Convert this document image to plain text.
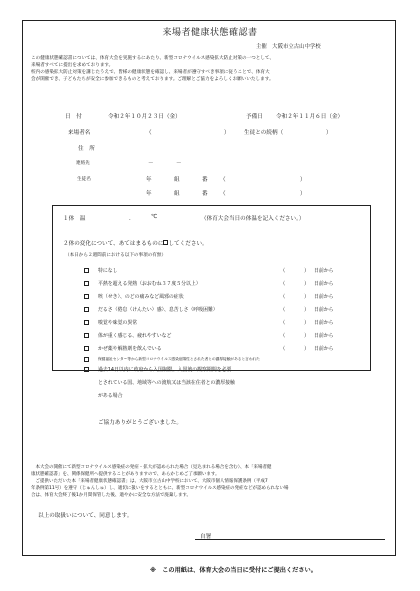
来場者健康状態確認書
主催　大阪市立古山中学校

この健康状態確認書については、体育大会を実施するにあたり、新型コロナウイルス感染拡大防止対策の一つとして、

来場者すべてに提出を求めております。

校内の感染拡大防止対策を講じたうえで、皆様の健康状態を確認し、来場者が遵守すべき事項に従うことで、体育大

会が開催でき、子どもたちが安全に参加できるものと考えております。ご理解とご協力をよろしくお願いいたします。

日　付	令和２年１０月２３日（金）	予備日 令和２年１１月６日（金）
来場者名	（	）	生徒との続柄（	）
住　所
連絡先	－　　　　－
生徒名	年	組	番 （	）
年	組	番 （	）
１体　温	．	℃	（体育大会当日の体温を記入ください。）
２体の変化について、あてはまるものに してください。
（本日から２週間前における以下の事項の有無）
特になし	（	） 日前から
平熱を超える発熱（おおむね３７度５分以上）	（	） 日前から
咳（せき）、のどの痛みなど風邪の症状	（	） 日前から
だるさ（倦怠（けんたい）感）、息苦しさ（呼吸困難）	（	） 日前から
嗅覚や味覚の異常	（	） 日前から
体が重く感じる、疲れやすいなど	（	） 日前から
かぜ薬や解熱剤を飲んでいる	（	） 日前から
保健福祉センター等から新型コロナウイルス感染症陽性とされた者との濃厚接触があると言われた
過去14日以内に政府から入国制限、入国後の観察期間を必要
とされている国、地域等への渡航又は当該在住者との濃厚接触
がある場合
ご協力ありがとうございました。

　本大会の開催にて新型コロナウイルス感染症の発症・拡大が認められた場合（見込まれる場合を含む）、本「来場者健

康状態確認書」を、関係保健所へ提供することがありますので、あらかじめご了承願います。

　ご提供いただいた本「来場者健康状態確認書」は、大阪市立古山中学校において、大阪市個人情報保護条例（平成7

年条例第11号）を遵守（じゅんしゅ）し、適切に扱いをするとともに、新型コロナウイルス感染症の発症などが認められない場

合は、体育大会終了後1か月間保管した後、適やかに安全な方法で廃棄します。

以上の取扱いについて、同意します。
自署
※　この用紙は、体育大会の当日に受付にご提出ください。
